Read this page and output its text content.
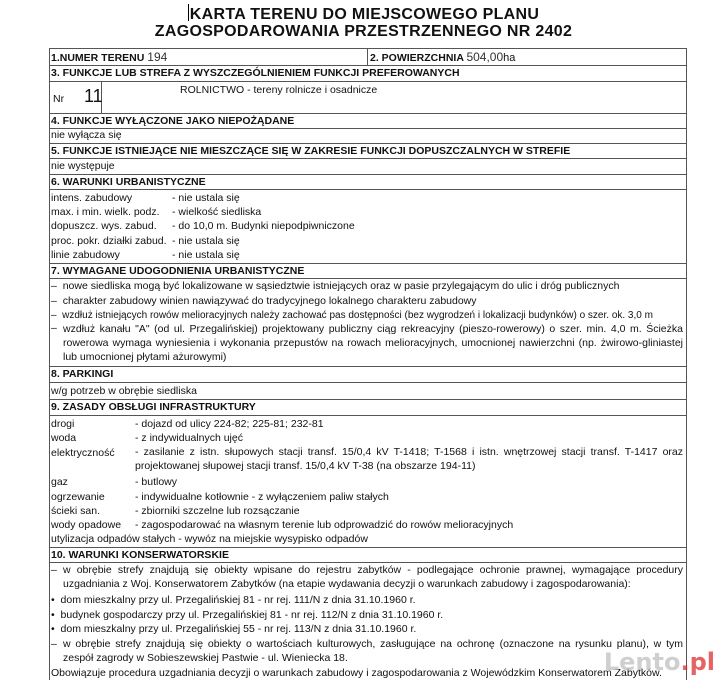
KARTA TERENU DO MIEJSCOWEGO PLANU
ZAGOSPODAROWANIA PRZESTRZENNEGO NR 2402
1.NUMER TERENU 194	2. POWIERZCHNIA 504,00ha
3. FUNKCJE LUB STREFA Z WYSZCZEGÓLNIENIEM FUNKCJI PREFEROWANYCH
Nr 11	ROLNICTWO - tereny rolnicze i osadnicze
4. FUNKCJE WYŁĄCZONE JAKO NIEPOŻĄDANE
nie wyłącza się
5. FUNKCJE ISTNIEJĄCE NIE MIESZCZĄCE SIĘ W ZAKRESIE FUNKCJI DOPUSZCZALNYCH W STREFIE
nie występuje
6. WARUNKI URBANISTYCZNE
intens. zabudowy	- nie ustala się
max. i min. wielk. podz. - wielkość siedliska
dopuszcz. wys. zabud. - do 10,0 m. Budynki niepodpiwniczone
proc. pokr. działki zabud. - nie ustala się
linie zabudowy	- nie ustala się
7. WYMAGANE UDOGODNIENIA URBANISTYCZNE
–  nowe siedliska mogą być lokalizowane w sąsiedztwie istniejących oraz w pasie przylegającym do ulic i dróg publicznych
–  charakter zabudowy winien nawiązywać do tradycyjnego lokalnego charakteru zabudowy
–  wzdłuż istniejących rowów melioracyjnych należy zachować pas dostępności (bez wygrodzeń i lokalizacji budynków) o szer. ok. 3,0 m
– wzdłuż kanału "A" (od ul. Przegalińskiej) projektowany publiczny ciąg rekreacyjny (pieszo-rowerowy) o szer. min. 4,0 m. Ścieżka rowerowa wymaga wyniesienia i wykonania przepustów na rowach melioracyjnych, umocnionej nawierzchni (np. żwirowo-gliniastej lub umocnionej płytami ażurowymi)
8. PARKINGI
w/g potrzeb w obrębie siedliska
9. ZASADY OBSŁUGI INFRASTRUKTURY
drogi	- dojazd od ulicy 224-82; 225-81; 232-81
woda	- z indywidualnych ujęć
elektryczność - zasilanie z istn. słupowych stacji transf. 15/0,4 kV T-1418; T-1568 i istn. wnętrzowej stacji transf. T-1417 oraz projektowanej słupowej stacji transf. 15/0,4 kV T-38 (na obszarze 194-11)
gaz	- butlowy
ogrzewanie	- indywidualne kotłownie - z wyłączeniem paliw stałych
ścieki san.	- zbiorniki szczelne lub rozsączanie
wody opadowe - zagospodarować na własnym terenie lub odprowadzić do rowów melioracyjnych
utylizacja odpadów stałych - wywóz na miejskie wysypisko odpadów
10. WARUNKI KONSERWATORSKIE
– w obrębie strefy znajdują się obiekty wpisane do rejestru zabytków - podlegające ochronie prawnej, wymagające procedury uzgadniania z Woj. Konserwatorem Zabytków (na etapie wydawania decyzji o warunkach zabudowy i zagospodarowania):
•  dom mieszkalny przy ul. Przegalińskiej 81 - nr rej. 111/N z dnia 31.10.1960 r.
•  budynek gospodarczy przy ul. Przegalińskiej 81 - nr rej. 112/N z dnia 31.10.1960 r.
•  dom mieszkalny przy ul. Przegalińskiej 55 - nr rej. 113/N z dnia 31.10.1960 r.
– w obrębie strefy znajdują się obiekty o wartościach kulturowych, zasługujące na ochronę (oznaczone na rysunku planu), w tym zespół zagrody w Sobieszewskiej Pastwie - ul. Wieniecka 18.
Obowiązuje procedura uzgadniania decyzji o warunkach zabudowy i zagospodarowania z Wojewódzkim Konserwatorem Zabytków.
Lento.pl
